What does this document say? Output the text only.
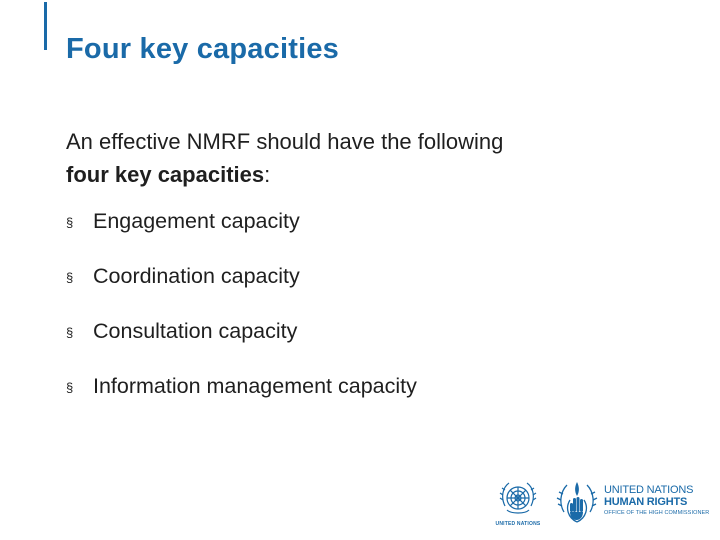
Four key capacities
An effective NMRF should have the following
four key capacities:
§ Engagement capacity
§ Coordination capacity
§ Consultation capacity
§ Information management capacity
UNITED NATIONS
UNITED NATIONS
HUMAN RIGHTS
OFFICE OF THE HIGH COMMISSIONER
